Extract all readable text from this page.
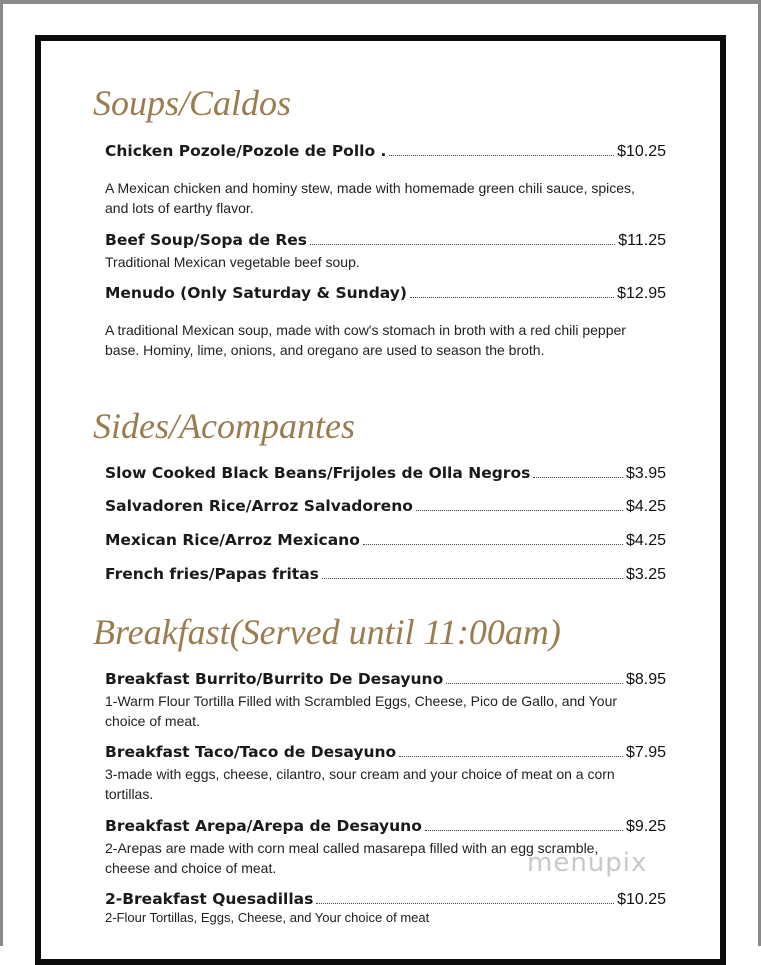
Soups/Caldos
Chicken Pozole/Pozole de Pollo .	$10.25
A Mexican chicken and hominy stew, made with homemade green chili sauce, spices, and lots of earthy flavor.
Beef Soup/Sopa de Res	$11.25
Traditional Mexican vegetable beef soup.
Menudo (Only Saturday & Sunday)	$12.95
A traditional Mexican soup, made with cow's stomach in broth with a red chili pepper base. Hominy, lime, onions, and oregano are used to season the broth.
Sides/Acompantes
Slow Cooked Black Beans/Frijoles de Olla Negros	$3.95
Salvadoren Rice/Arroz Salvadoreno	$4.25
Mexican Rice/Arroz Mexicano	$4.25
French fries/Papas fritas	$3.25
Breakfast(Served until 11:00am)
Breakfast Burrito/Burrito De Desayuno	$8.95
1-Warm Flour Tortilla Filled with Scrambled Eggs, Cheese, Pico de Gallo, and Your choice of meat.
Breakfast Taco/Taco de Desayuno	$7.95
3-made with eggs, cheese, cilantro, sour cream and your choice of meat on a corn tortillas.
Breakfast Arepa/Arepa de Desayuno	$9.25
2-Arepas are made with corn meal called masarepa filled with an egg scramble, cheese and choice of meat.
2-Breakfast Quesadillas	$10.25
2-Flour Tortillas, Eggs, Cheese, and Your choice of meat
menupix
